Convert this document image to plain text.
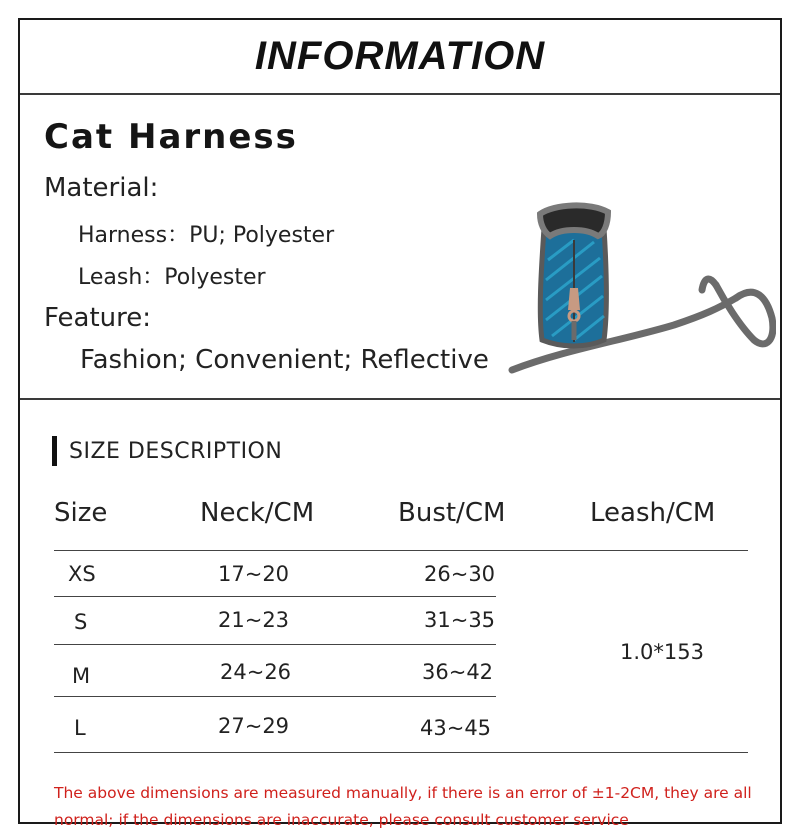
INFORMATION
Cat Harness
Material:
Harness：PU; Polyester
Leash：Polyester
Feature:
Fashion; Convenient; Reflective
SIZE DESCRIPTION
Size	Neck/CM	Bust/CM	Leash/CM
XS	17~20	26~30
S	21~23	31~35
M	24~26	36~42
L	27~29	43~45
1.0*153
The above dimensions are measured manually, if there is an error of ±1-2CM, they are all normal; if the dimensions are inaccurate, please consult customer service
